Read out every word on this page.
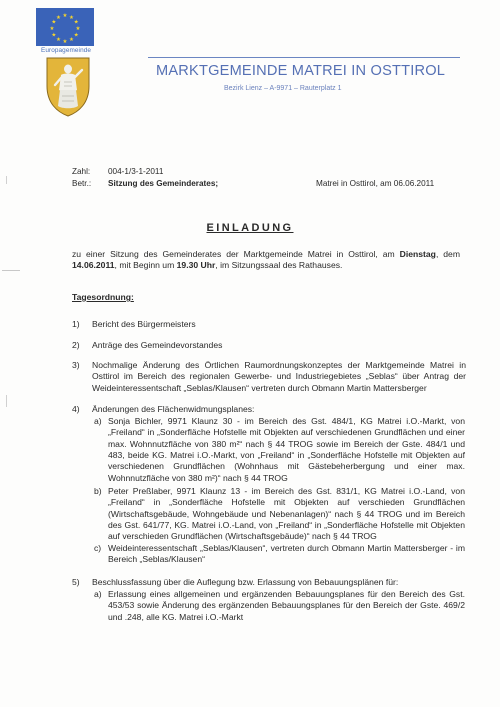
★ ★
★
★
★
★
★
★
★
★
★
★
Europagemeinde
MARKTGEMEINDE MATREI IN OSTTIROL
Bezirk Lienz – A-9971 – Rauterplatz 1
Zahl: 004-1/3-1-2011
Betr.: Sitzung des Gemeinderates;	Matrei in Osttirol, am 06.06.2011
EINLADUNG

zu einer Sitzung des Gemeinderates der Marktgemeinde Matrei in Osttirol, am Dienstag, dem 14.06.2011, mit Beginn um 19.30 Uhr, im Sitzungssaal des Rathauses.

Tagesordnung:
1)	Bericht des Bürgermeisters

2)	Anträge des Gemeindevorstandes

3)	Nochmalige Änderung des Örtlichen Raumordnungskonzeptes der Marktgemeinde Matrei in Osttirol im Bereich des regionalen Gewerbe- und Industriegebietes „Seblas“ über Antrag der Weideinteressentschaft „Seblas/Klausen“ vertreten durch Obmann Martin Mattersberger

4)	Änderungen des Flächenwidmungsplanes:

a) Sonja Bichler, 9971 Klaunz 30 - im Bereich des Gst. 484/1, KG Matrei i.O.-Markt, von „Freiland“ in „Sonderfläche Hofstelle mit Objekten auf verschiedenen Grundflächen und einer max. Wohnnutzfläche von 380 m²“ nach § 44 TROG sowie im Bereich der Gste. 484/1 und 483, beide KG. Matrei i.O.-Markt, von „Freiland“ in „Sonderfläche Hofstelle mit Objekten auf verschiedenen Grundflächen (Wohnhaus mit Gästebeherbergung und einer max. Wohnnutzfläche von 380 m²)“ nach § 44 TROG

b) Peter Preßlaber, 9971 Klaunz 13 - im Bereich des Gst. 831/1, KG Matrei i.O.-Land, von „Freiland“ in „Sonderfläche Hofstelle mit Objekten auf verschieden Grundflächen (Wirtschaftsgebäude, Wohngebäude und Nebenanlagen)“ nach § 44 TROG und im Bereich des Gst. 641/77, KG. Matrei i.O.-Land, von „Freiland“ in „Sonderfläche Hofstelle mit Objekten auf verschieden Grundflächen (Wirtschaftsgebäude)“ nach § 44 TROG

c) Weideinteressentschaft „Seblas/Klausen“, vertreten durch Obmann Martin Mattersberger - im Bereich „Seblas/Klausen“

5)	Beschlussfassung über die Auflegung bzw. Erlassung von Bebauungsplänen für:

a) Erlassung eines allgemeinen und ergänzenden Bebauungsplanes für den Bereich des Gst. 453/53 sowie Änderung des ergänzenden Bebauungsplanes für den Bereich der Gste. 469/2 und .248, alle KG. Matrei i.O.-Markt
